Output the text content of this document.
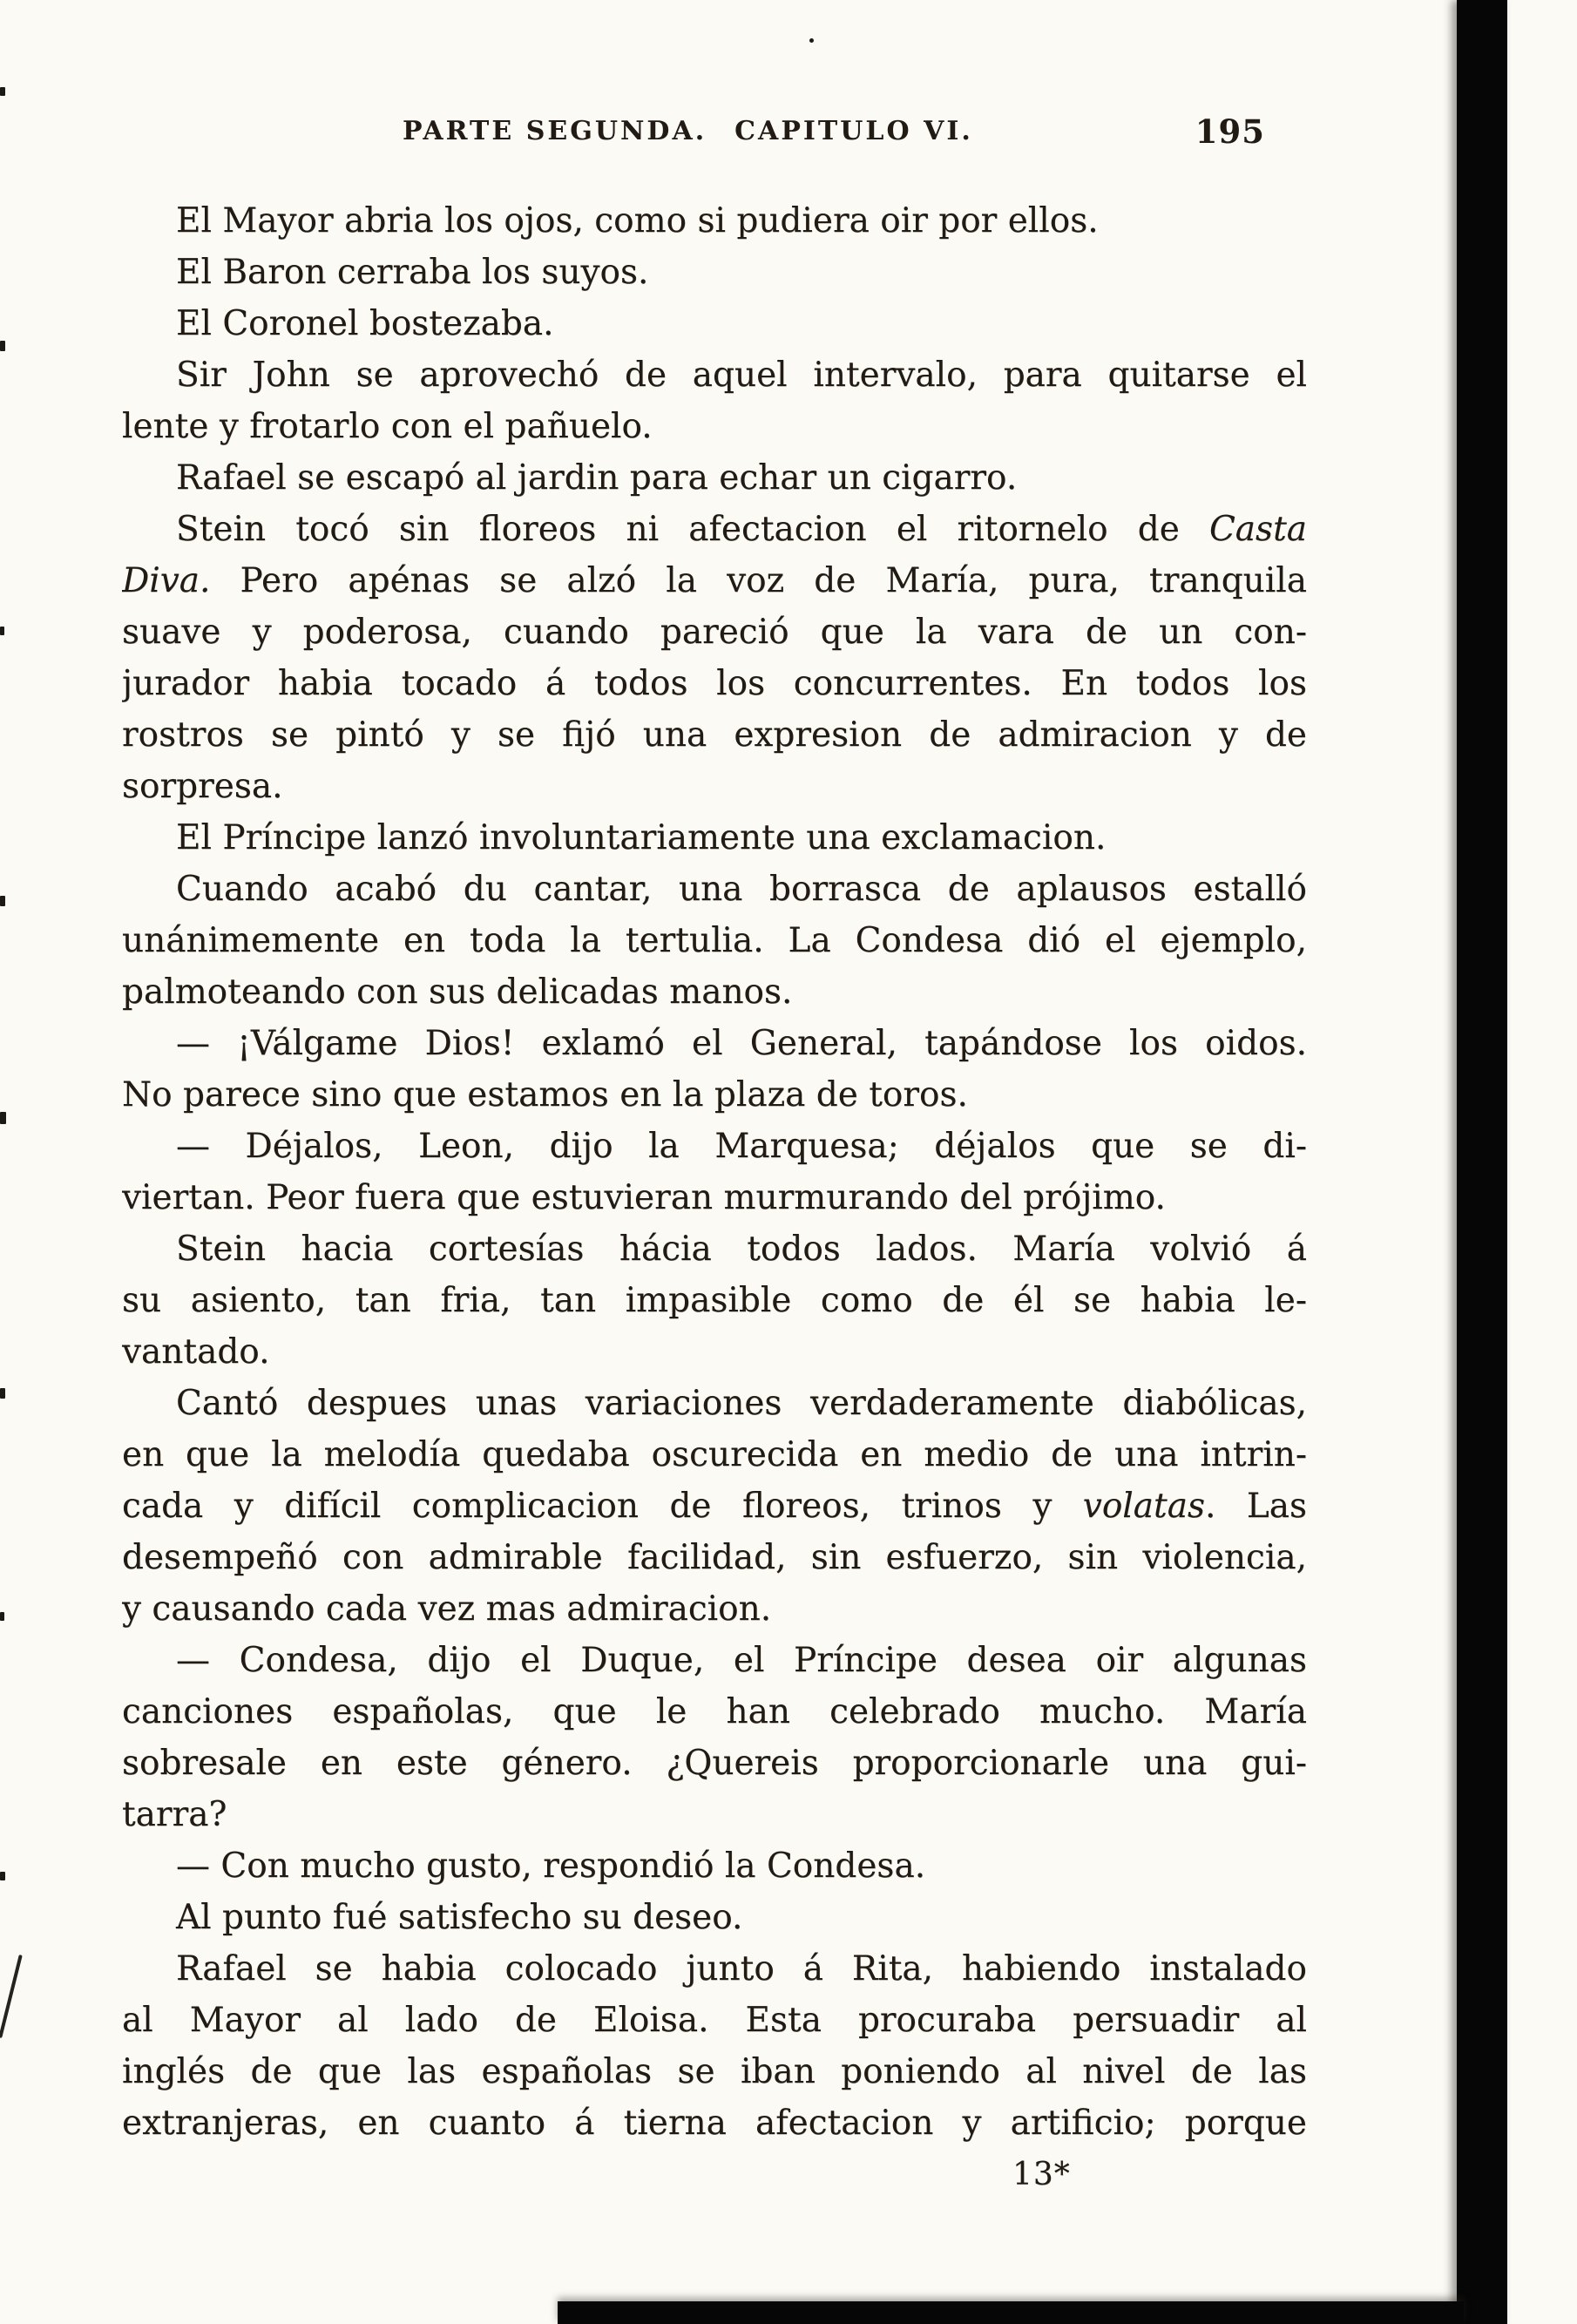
PARTE SEGUNDA. CAPITULO VI.	195
El Mayor abria los ojos, como si pudiera oir por ellos.
El Baron cerraba los suyos.
El Coronel bostezaba.
Sir John se aprovechó de aquel intervalo, para quitarse el
lente y frotarlo con el pañuelo.
Rafael se escapó al jardin para echar un cigarro.
Stein tocó sin floreos ni afectacion el ritornelo de Casta
Diva. Pero apénas se alzó la voz de María, pura, tranquila
suave y poderosa, cuando pareció que la vara de un con-
jurador habia tocado á todos los concurrentes. En todos los
rostros se pintó y se fijó una expresion de admiracion y de
sorpresa.
El Príncipe lanzó involuntariamente una exclamacion.
Cuando acabó du cantar, una borrasca de aplausos estalló
unánimemente en toda la tertulia. La Condesa dió el ejemplo,
palmoteando con sus delicadas manos.
— ¡Válgame Dios! exlamó el General, tapándose los oidos.
No parece sino que estamos en la plaza de toros.
— Déjalos, Leon, dijo la Marquesa; déjalos que se di-
viertan. Peor fuera que estuvieran murmurando del prójimo.
Stein hacia cortesías hácia todos lados. María volvió á
su asiento, tan fria, tan impasible como de él se habia le-
vantado.
Cantó despues unas variaciones verdaderamente diabólicas,
en que la melodía quedaba oscurecida en medio de una intrin-
cada y difícil complicacion de floreos, trinos y volatas. Las
desempeñó con admirable facilidad, sin esfuerzo, sin violencia,
y causando cada vez mas admiracion.
— Condesa, dijo el Duque, el Príncipe desea oir algunas
canciones españolas, que le han celebrado mucho. María
sobresale en este género. ¿Quereis proporcionarle una gui-
tarra?
— Con mucho gusto, respondió la Condesa.
Al punto fué satisfecho su deseo.
Rafael se habia colocado junto á Rita, habiendo instalado
al Mayor al lado de Eloisa. Esta procuraba persuadir al
inglés de que las españolas se iban poniendo al nivel de las
extranjeras, en cuanto á tierna afectacion y artificio; porque
13*
